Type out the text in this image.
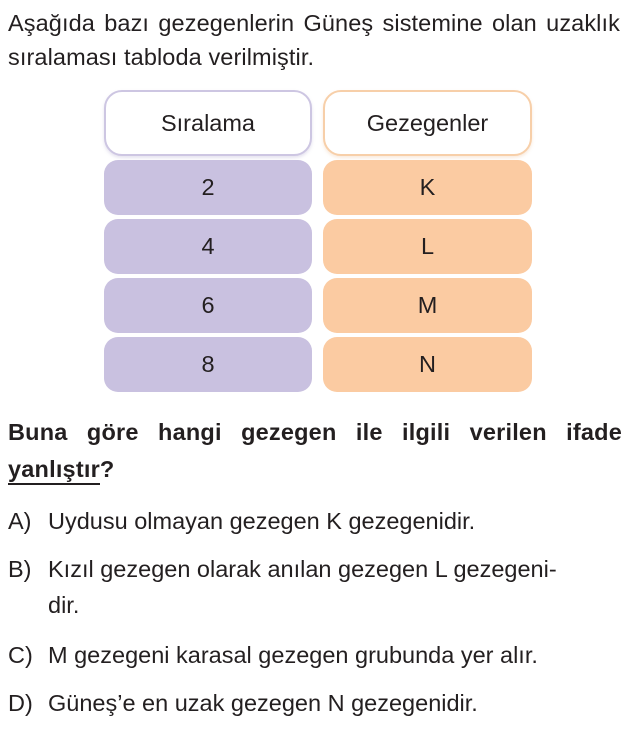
Aşağıda bazı gezegenlerin Güneş sistemine olan uzaklık sıralaması tabloda verilmiştir.
Sıralama	Gezegenler
2	K
4	L
6	M
8	N
Buna göre hangi gezegen ile ilgili verilen ifade yanlıştır?
A) Uydusu olmayan gezegen K gezegenidir.
B) Kızıl gezegen olarak anılan gezegen L gezegeni-
dir.
C) M gezegeni karasal gezegen grubunda yer alır.
D) Güneş’e en uzak gezegen N gezegenidir.
